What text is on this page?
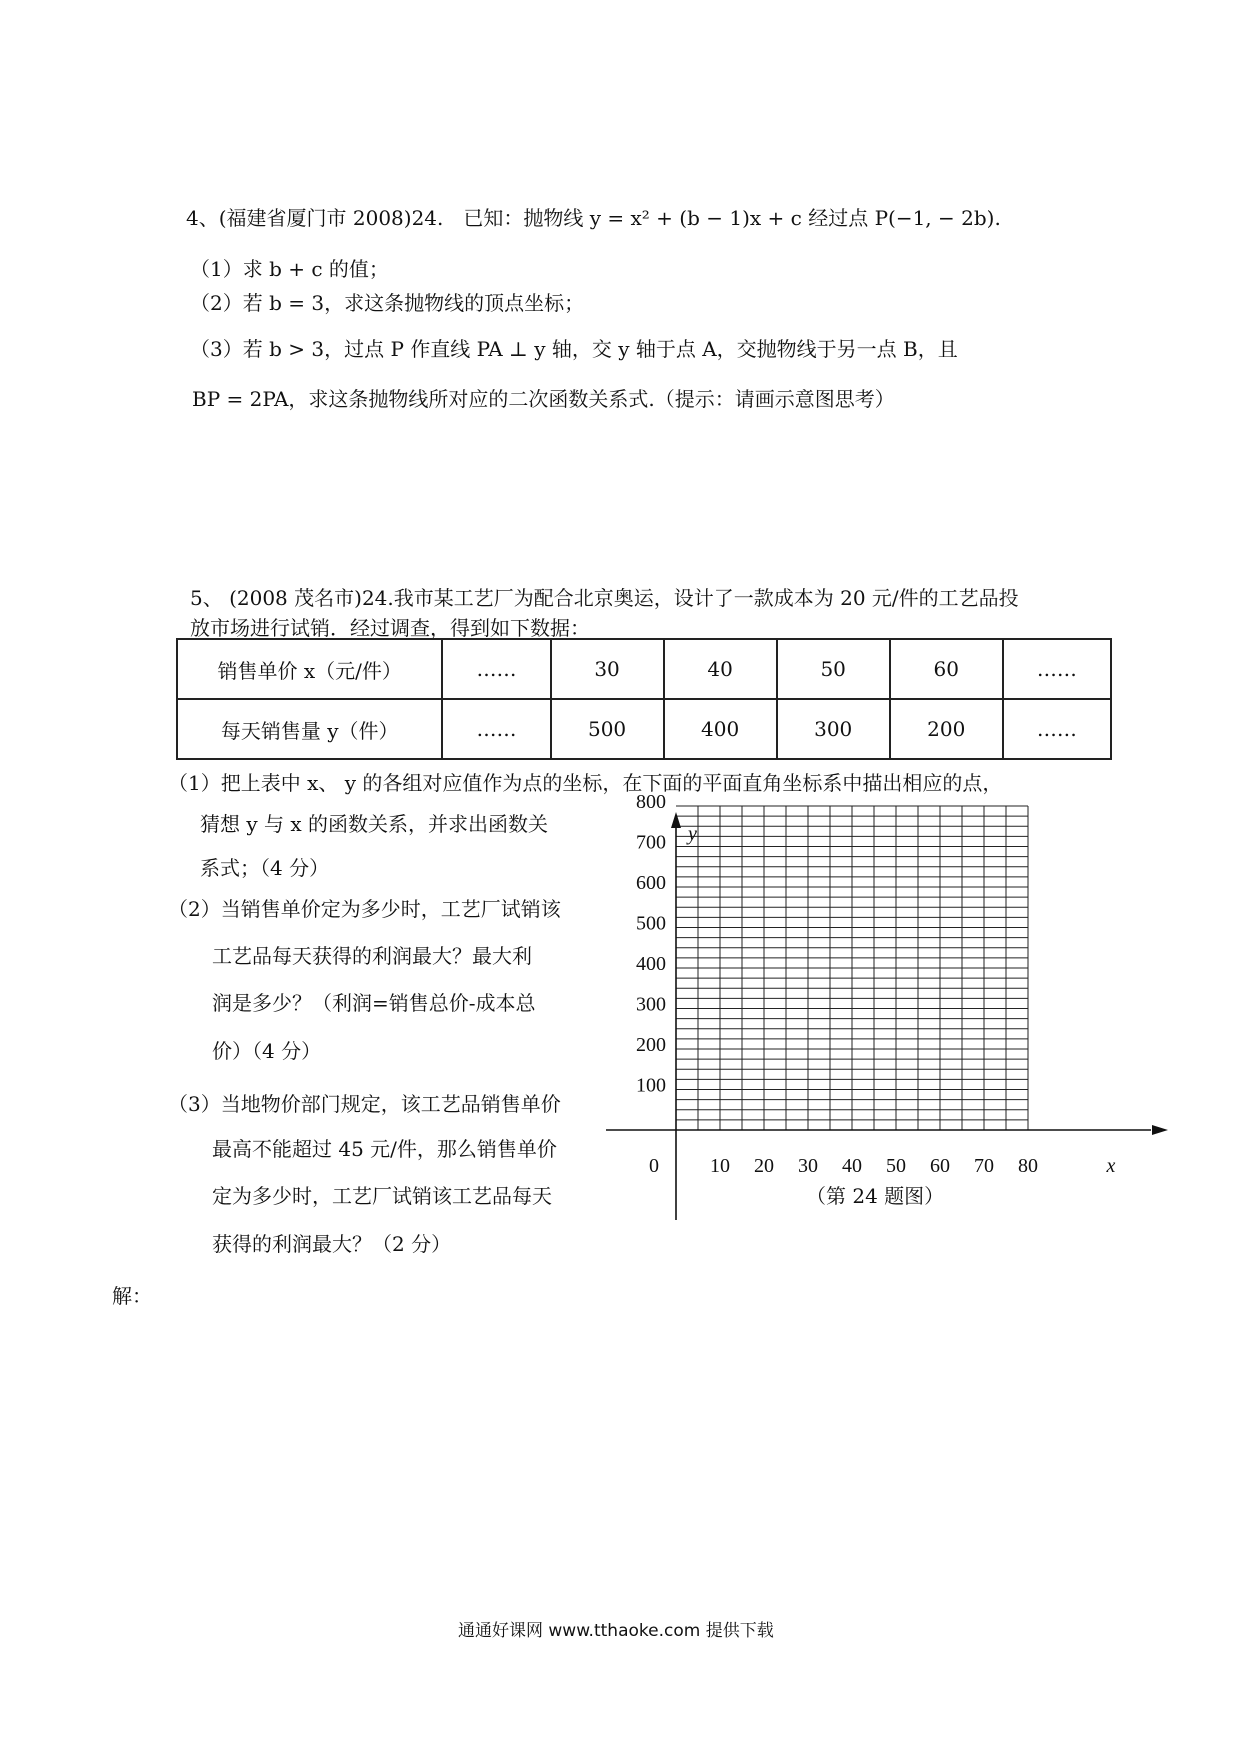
4、(福建省厦门市 2008)24.　已知：抛物线 y = x² + (b − 1)x + c 经过点 P(−1, − 2b).
（1）求 b + c 的值；
（2）若 b = 3，求这条抛物线的顶点坐标；
（3）若 b > 3，过点 P 作直线 PA ⊥ y 轴，交 y 轴于点 A，交抛物线于另一点 B，且
BP = 2PA，求这条抛物线所对应的二次函数关系式.（提示：请画示意图思考）
5、 (2008 茂名市)24.我市某工艺厂为配合北京奥运，设计了一款成本为 20 元/件的工艺品投
放市场进行试销．经过调查，得到如下数据：
销售单价 x（元/件）	……	30	40	50	60	……
每天销售量 y（件）	……	500	400	300	200	……
（1）把上表中 x、 y 的各组对应值作为点的坐标，在下面的平面直角坐标系中描出相应的点，
猜想 y 与 x 的函数关系，并求出函数关
系式；（4 分）
（2）当销售单价定为多少时，工艺厂试销该
工艺品每天获得的利润最大？最大利
润是多少？（利润=销售总价-成本总
价）（4 分）
（3）当地物价部门规定，该工艺品销售单价
最高不能超过 45 元/件，那么销售单价
定为多少时，工艺厂试销该工艺品每天
获得的利润最大？（2 分）
解：
10 20 30 40 50 60 70 80
100
200
300
400
500
600
700
800
0	x
y
（第 24 题图）
通通好课网 www.tthaoke.com 提供下载
